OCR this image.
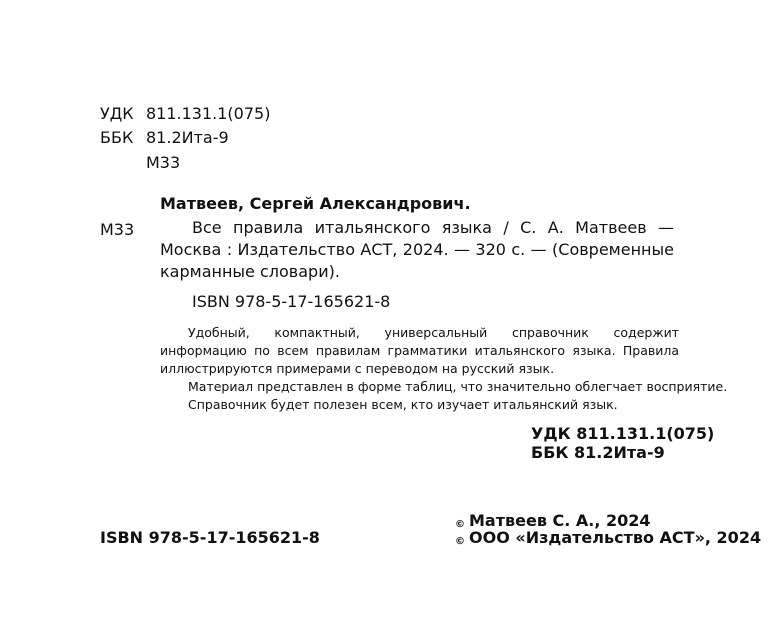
УДК 811.131.1(075)
ББК 81.2Ита-9
М33
Матвеев, Сергей Александрович.
М33	Все правила итальянского языка / С. А. Матвеев — Москва : Издательство АСТ, 2024. — 320 с. — (Современные карманные словари).
ISBN 978-5-17-165621-8
Удобный, компактный, универсальный справочник содержит информацию по всем правилам грамматики итальянского языка. Правила иллюстрируются примерами с переводом на русский язык.
Материал представлен в форме таблиц, что значительно облегчает восприятие.
Справочник будет полезен всем, кто изучает итальянский язык.
УДК 811.131.1(075)
ББК 81.2Ита-9
ISBN 978-5-17-165621-8
© Матвеев С. А., 2024
© ООО «Издательство АСТ», 2024
